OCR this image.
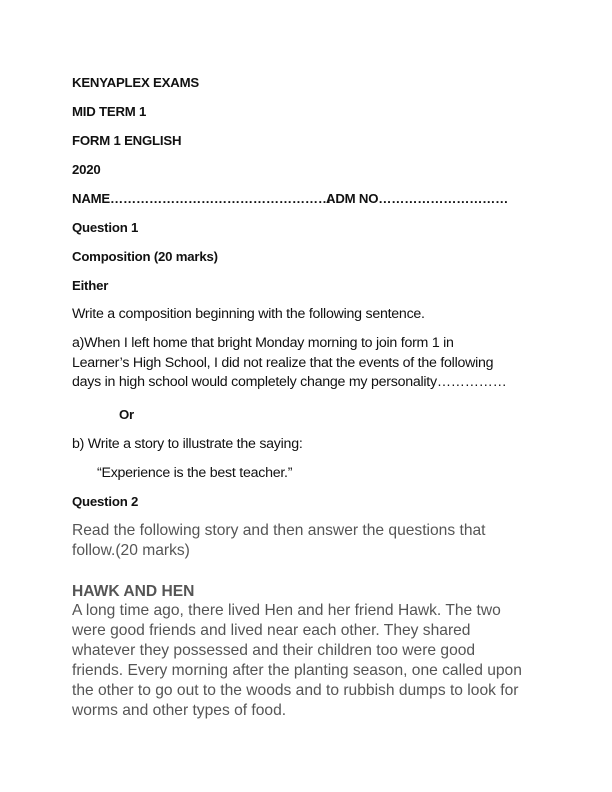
KENYAPLEX EXAMS
MID TERM 1
FORM 1 ENGLISH
2020
NAME……………………………………………
ADM NO…………………………
Question 1
Composition (20 marks)
Either
Write a composition beginning with the following sentence.
a)When I left home that bright Monday morning to join form 1 in
Learner’s High School, I did not realize that the events of the following
days in high school would completely change my personality……………
Or
b) Write a story to illustrate the saying:
“Experience is the best teacher.”
Question 2
Read the following story and then answer the questions that
follow.(20 marks)
HAWK AND HEN
A long time ago, there lived Hen and her friend Hawk. The two
were good friends and lived near each other. They shared
whatever they possessed and their children too were good
friends. Every morning after the planting season, one called upon
the other to go out to the woods and to rubbish dumps to look for
worms and other types of food.
